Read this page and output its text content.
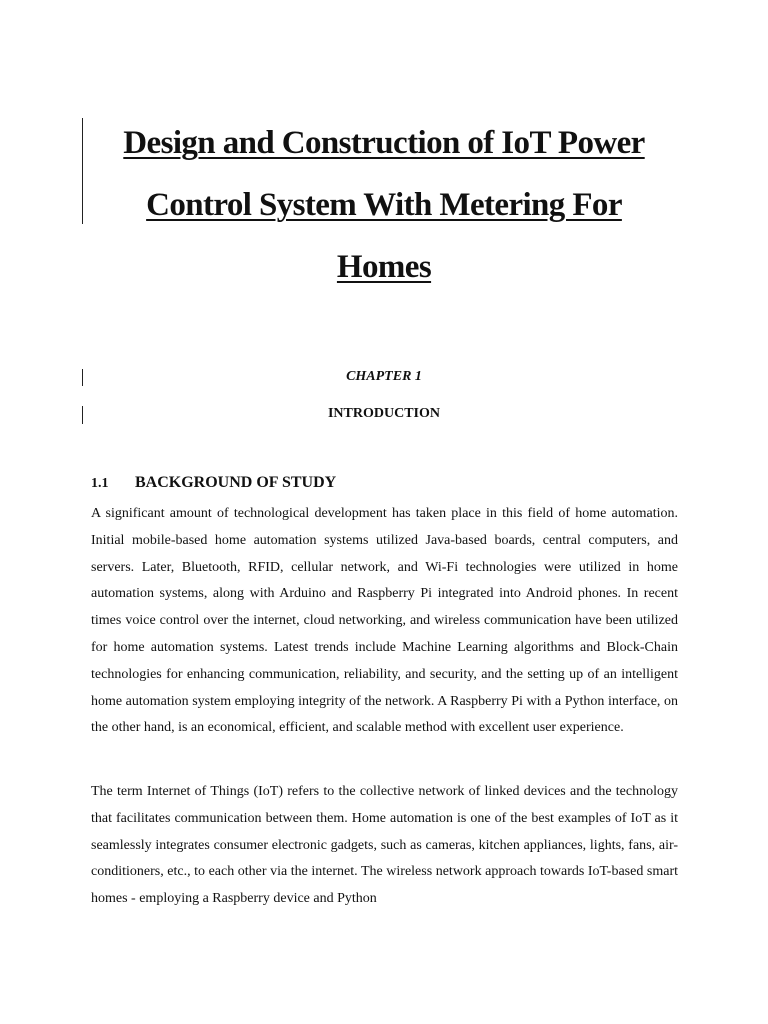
Design and Construction of IoT Power Control System With Metering For Homes

CHAPTER 1

INTRODUCTION

1.1 BACKGROUND OF STUDY

A significant amount of technological development has taken place in this field of home automation. Initial mobile-based home automation systems utilized Java-based boards, central computers, and servers. Later, Bluetooth, RFID, cellular network, and Wi-Fi technologies were utilized in home automation systems, along with Arduino and Raspberry Pi integrated into Android phones. In recent times voice control over the internet, cloud networking, and wireless communication have been utilized for home automation systems. Latest trends include Machine Learning algorithms and Block-Chain technologies for enhancing communication, reliability, and security, and the setting up of an intelligent home automation system employing integrity of the network. A Raspberry Pi with a Python interface, on the other hand, is an economical, efficient, and scalable method with excellent user experience.

The term Internet of Things (IoT) refers to the collective network of linked devices and the technology that facilitates communication between them. Home automation is one of the best examples of IoT as it seamlessly integrates consumer electronic gadgets, such as cameras, kitchen appliances, lights, fans, air-conditioners, etc., to each other via the internet. The wireless network approach towards IoT-based smart homes - employing a Raspberry device and Python
